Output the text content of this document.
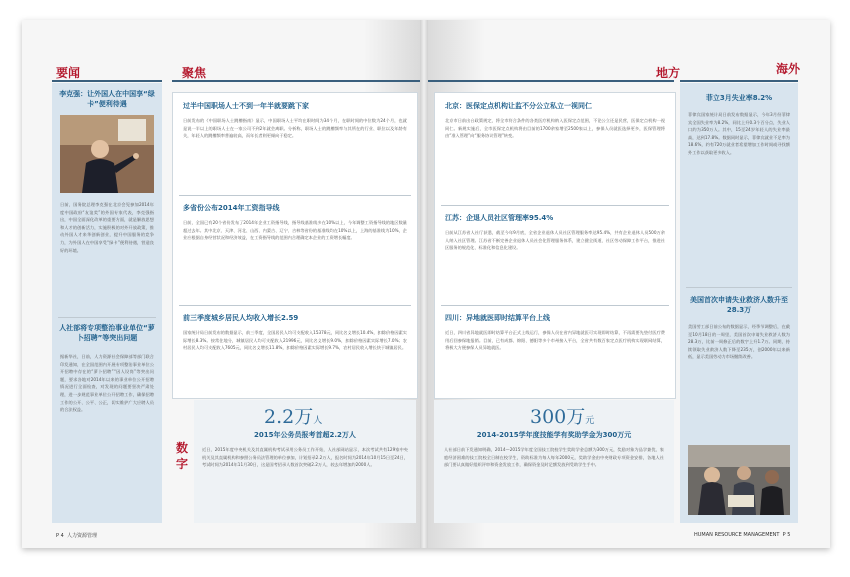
要闻	聚焦
李克强：让外国人在中国享“绿卡”便利待遇
日前，国务院总理李克强在北京会见参加2014年度中国政府“友谊奖”的外国专家代表，李克强指出，中国全面深化改革的重要方面，就是解放思想和人才的创新活力，实施积极的对外开放政策，推动外国人才来华创新创业，提升中国服务的竞争力，为外国人在中国享受“绿卡”便利待遇，营造良好的环境。
人社部将专项整治事业单位“萝卜招聘”等突出问题
据新华社，日前，人力资源社会保障部等部门联合印发通知，在全国范围内开展专项整治事业单位公开招聘中存在的“萝卜招聘”“因人设岗”等突出问题，要求各地对2014年以来的事业单位公开招聘情况进行全面检查，对发现的问题要坚决严肃处理，进一步规范事业单位公开招聘工作，确保招聘工作的公开、公平、公正，切实维护广大应聘人员的合法权益。
过半中国职场人士不到一年半就要跳下家
日前发布的《中国职场人士跳槽指南》显示，中国职场人士平均在职时间为34个月，在职时间的中位数为24个月，也就是说一半以上的职场人士在一家公司不到2年就会离职。分析称，职场人士的跳槽频率与其所在的行业、职位以及年龄有关，年轻人的跳槽频率普遍较高，而年长者则更倾向于稳定。
多省份公布2014年工资指导线
日前，全国已有20个省份发布了2014年企业工资指导线，指导线基准线多在10%以上，今年调整工资指导线的地区数量超过去年。其中北京、天津、河北、山西、内蒙古、辽宁、吉林等省份的基准线均在10%以上，上海的基准线为10%，企业应根据自身经营状况和经济效益，在工资指导线的范围内合理确定本企业的工资增长幅度。
前三季度城乡居民人均收入增长2.59
国家统计局日前发布的数据显示，前三季度，全国居民人均可支配收入15378元，同比名义增长10.4%，扣除价格因素实际增长8.3%。按常住地分，城镇居民人均可支配收入21996元，同比名义增长9.0%，扣除价格因素实际增长7.0%；农村居民人均可支配收入7605元，同比名义增长11.8%，扣除价格因素实际增长9.7%，农村居民收入增长快于城镇居民。
数字
2.2万人
2015年公务员报考首超2.2万人
近日，2015年度中央机关及其直属机构考试录用公务员工作开始，人社部网站显示，本次考试共有129家中央机关及其直属机构和参照公务员法管理的单位参加，计划招录2.2万人，报名时间为2014年10月15日至24日，考试时间为2014年11月30日，这是国考招录人数首次突破2.2万人，较去年增加约2000人。
P 4 人力资源管理
地方	海外
北京：医保定点机构让监不分公立私立一视同仁
北京市日前出台政策规定，将全市符合条件的各类医疗机构纳入医保定点范围，不论公立还是民营，医保定点机构一视同仁。新规实施后，全市医保定点机构将由目前的1700余家增至2500家以上，参保人员就医选择更多，医保管理将由“准入管理”向“服务协议管理”转变。
江苏：企退人员社区管理率95.4%
日前从江苏省人社厅获悉，截至今年9月底，全省企业退休人员社区管理服务率达95.4%，共有企业退休人员500万余人纳入社区管理。江苏省不断完善企业退休人员社会化管理服务体系，建立健全街道、社区劳动保障工作平台，推进社区服务的规范化、标准化和信息化建设。
四川：异地就医即时结算平台上线
近日，四川省异地就医即时结算平台正式上线运行，参保人员在省内异地就医可实现即时结算，不再需要先垫付医疗费用后回参保地报销。目前，已有成都、绵阳、德阳等多个市州接入平台，全省共有数百家定点医疗机构实现联网结算，将极大方便参保人员异地就医。
300万元
2014-2015学年度技能学有奖助学金为300万元
人社部日前下发通知明确，2014—2015学年度全国技工院校学生奖助学金总额为300万元，奖励对象为品学兼优、家庭经济困难的技工院校全日制在校学生，资助标准为每人每年2000元，奖助学金由中央财政专项资金安排，各地人社部门要认真做好组织评审和资金发放工作，确保资金及时足额发放到受助学生手中。
菲立3月失业率8.2%
菲律宾国家统计局日前发布数据显示，今年3月份菲律宾全国失业率为8.2%，同比上升0.3个百分点，失业人口约为350万人。其中，15至24岁年轻人的失业率最高，达到17.8%。数据同时显示，菲律宾就业不足率为18.6%，约有720万就业者希望增加工作时间或寻找额外工作以获取更多收入。
美国首次申请失业救济人数升至28.3万
美国劳工部日前公布的数据显示，经季节调整后，在截至10月18日的一周里，美国首次申请失业救济人数为28.3万，比前一周修正后的数字上升1.7万。同期，持续领取失业救济人数下降至235万，创2000年以来新低，显示美国劳动力市场继续改善。
HUMAN RESOURCE MANAGEMENT P 5
